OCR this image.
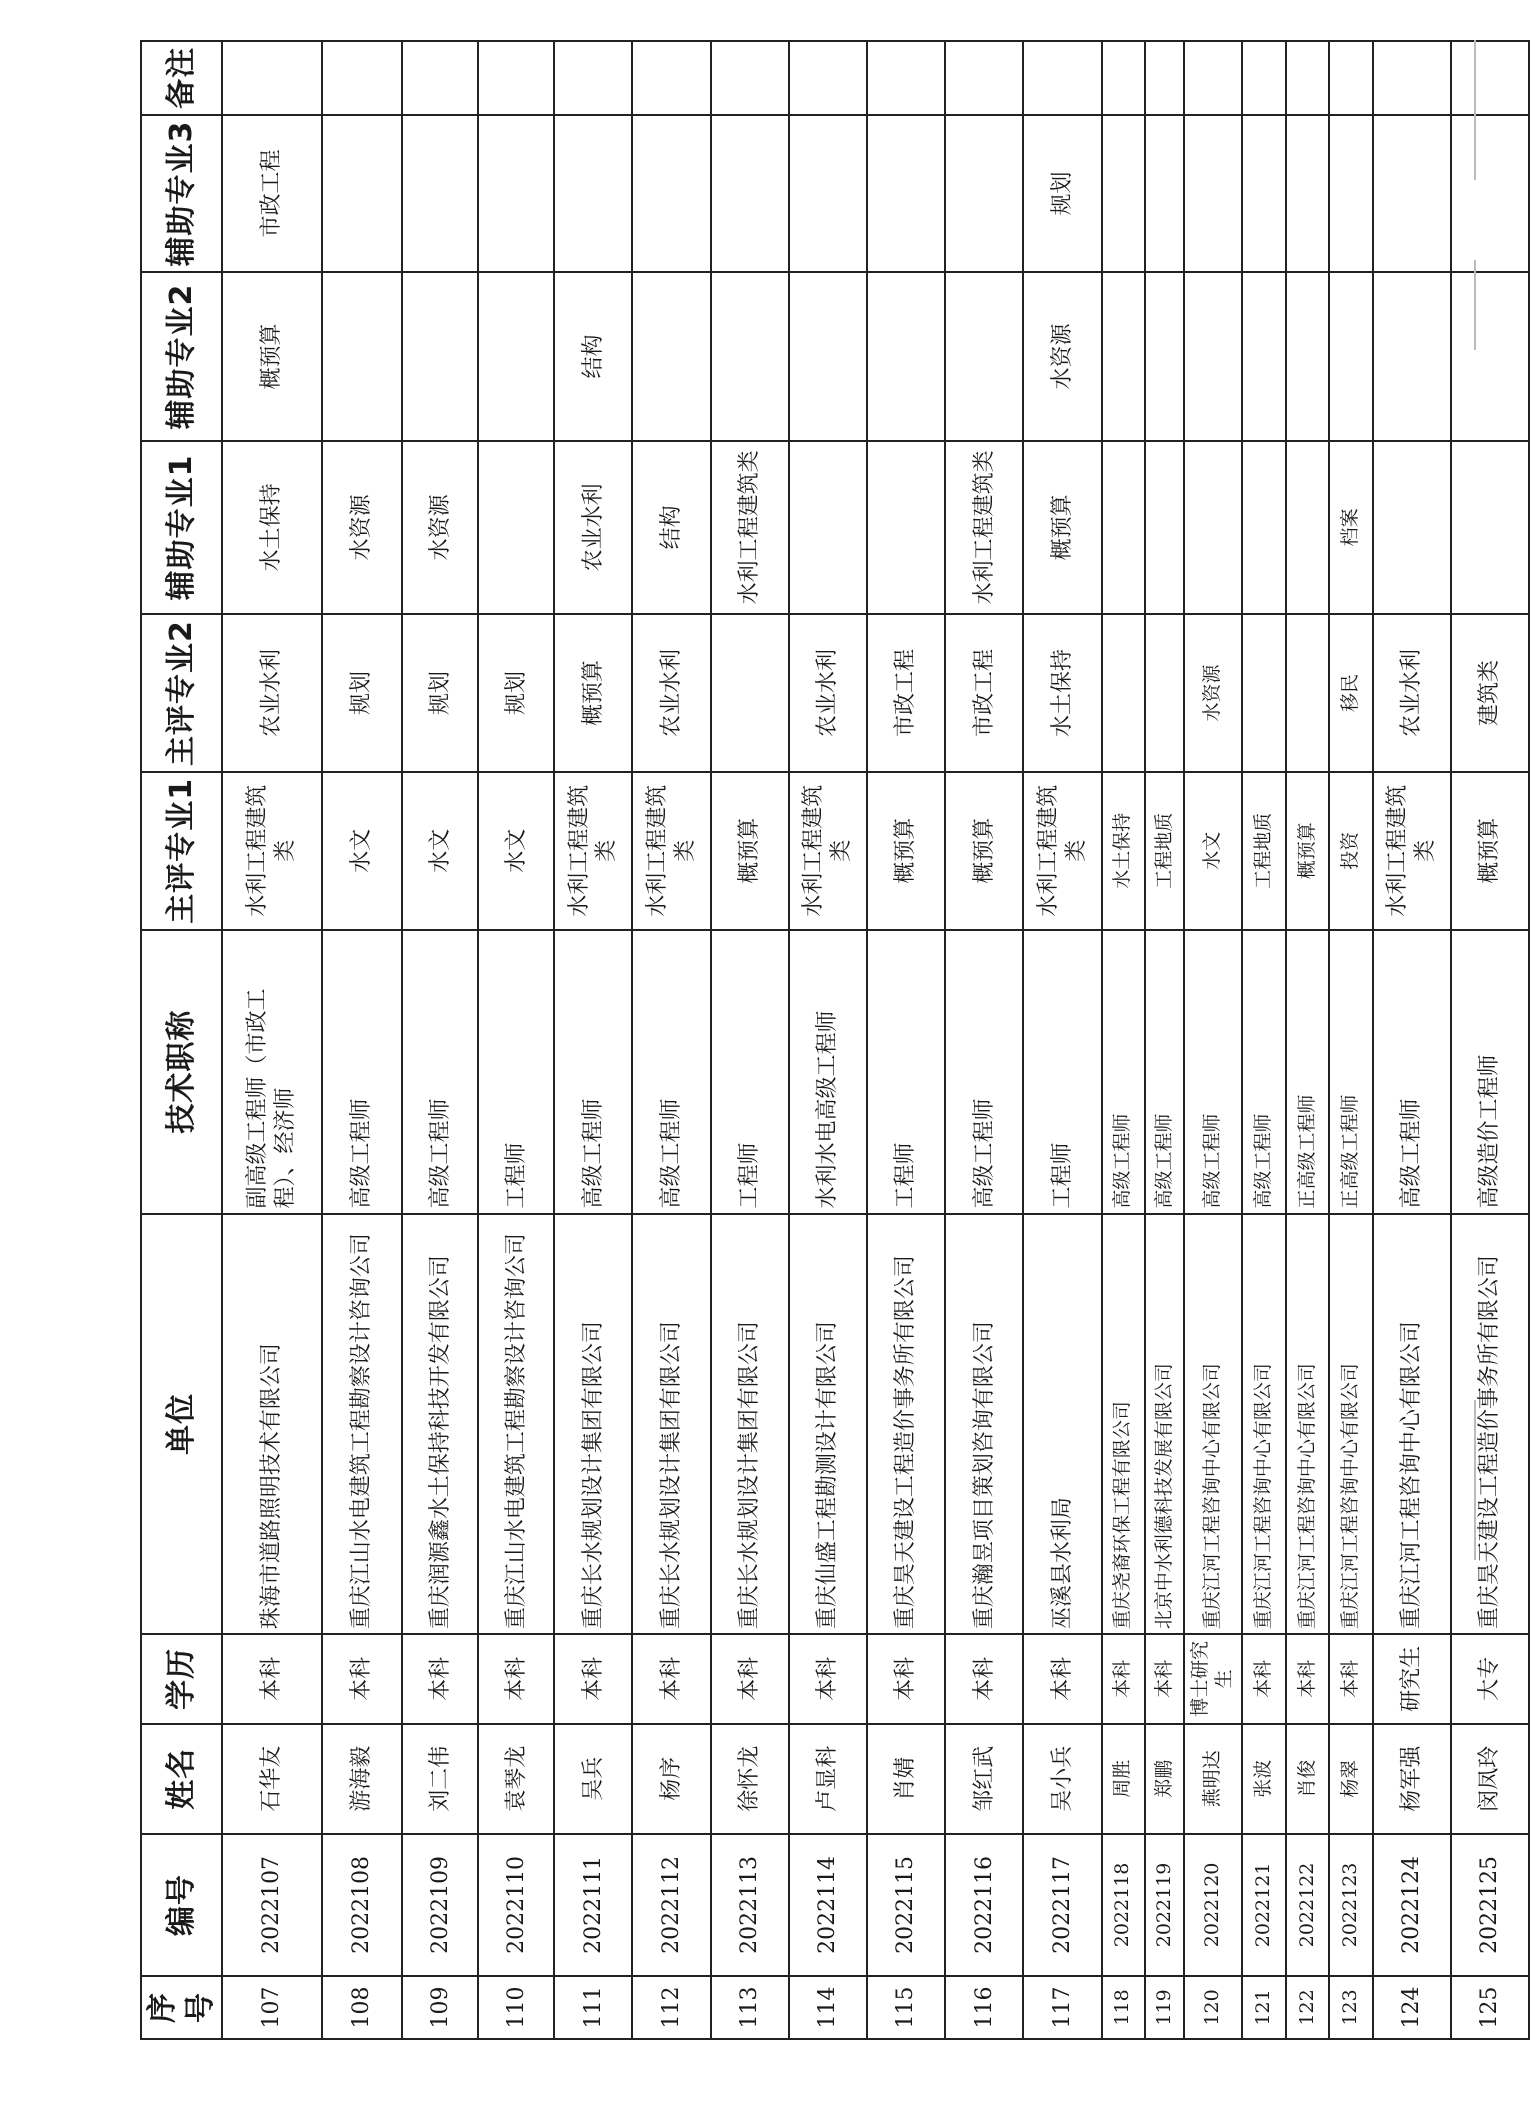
序号	编号	姓名	学历	单位	技术职称	主评专业1	主评专业2	辅助专业1	辅助专业2	辅助专业3	备注
107	2022107	石华友	本科	珠海市道路照明技术有限公司	副高级工程师（市政工程）、经济师	水利工程建筑类	农业水利	水土保持	概预算	市政工程	
108	2022108	游海毅	本科	重庆江山水电建筑工程勘察设计咨询公司	高级工程师	水文	规划	水资源			
109	2022109	刘二伟	本科	重庆润源鑫水土保持科技开发有限公司	高级工程师	水文	规划	水资源			
110	2022110	袁琴龙	本科	重庆江山水电建筑工程勘察设计咨询公司	工程师	水文	规划				
111	2022111	吴兵	本科	重庆长水规划设计集团有限公司	高级工程师	水利工程建筑类	概预算	农业水利	结构		
112	2022112	杨序	本科	重庆长水规划设计集团有限公司	高级工程师	水利工程建筑类	农业水利	结构			
113	2022113	徐怀龙	本科	重庆长水规划设计集团有限公司	工程师	概预算		水利工程建筑类			
114	2022114	卢显科	本科	重庆仙盛工程勘测设计有限公司	水利水电高级工程师	水利工程建筑类	农业水利				
115	2022115	肖婧	本科	重庆昊天建设工程造价事务所有限公司	工程师	概预算	市政工程				
116	2022116	邹红武	本科	重庆瀚昱项目策划咨询有限公司	高级工程师	概预算	市政工程	水利工程建筑类			
117	2022117	吴小兵	本科	巫溪县水利局	工程师	水利工程建筑类	水土保持	概预算	水资源	规划	
118	2022118	周胜	本科	重庆尧裔环保工程有限公司	高级工程师	水土保持					
119	2022119	郑鹏	本科	北京中水利德科技发展有限公司	高级工程师	工程地质					
120	2022120	燕明达	博士研究生	重庆江河工程咨询中心有限公司	高级工程师	水文	水资源				
121	2022121	张波	本科	重庆江河工程咨询中心有限公司	高级工程师	工程地质					
122	2022122	肖俊	本科	重庆江河工程咨询中心有限公司	正高级工程师	概预算					
123	2022123	杨翠	本科	重庆江河工程咨询中心有限公司	正高级工程师	投资	移民	档案			
124	2022124	杨军强	研究生	重庆江河工程咨询中心有限公司	高级工程师	水利工程建筑类	农业水利				
125	2022125	闵凤玲	大专	重庆昊天建设工程造价事务所有限公司	高级造价工程师	概预算	建筑类				
